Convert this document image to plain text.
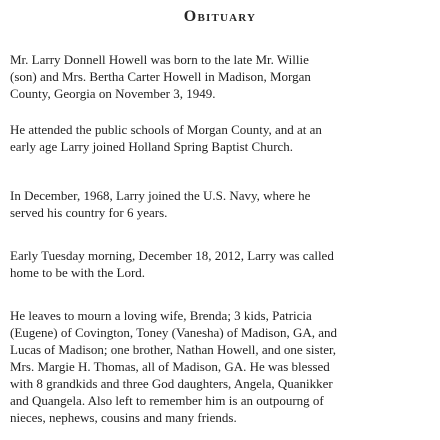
Obituary
Mr. Larry Donnell Howell was born to the late Mr. Willie
(son) and Mrs. Bertha Carter Howell in Madison, Morgan
County, Georgia on November 3, 1949.
He attended the public schools of Morgan County, and at an
early age Larry joined Holland Spring Baptist Church.
In December, 1968, Larry joined the U.S. Navy, where he
served his country for 6 years.
Early Tuesday morning, December 18, 2012, Larry was called
home to be with the Lord.
He leaves to mourn a loving wife, Brenda; 3 kids, Patricia
(Eugene) of Covington, Toney (Vanesha) of Madison, GA, and
Lucas of Madison; one brother, Nathan Howell, and one sister,
Mrs. Margie H. Thomas, all of Madison, GA. He was blessed
with 8 grandkids and three God daughters, Angela, Quanikker
and Quangela. Also left to remember him is an outpourng of
nieces, nephews, cousins and many friends.
